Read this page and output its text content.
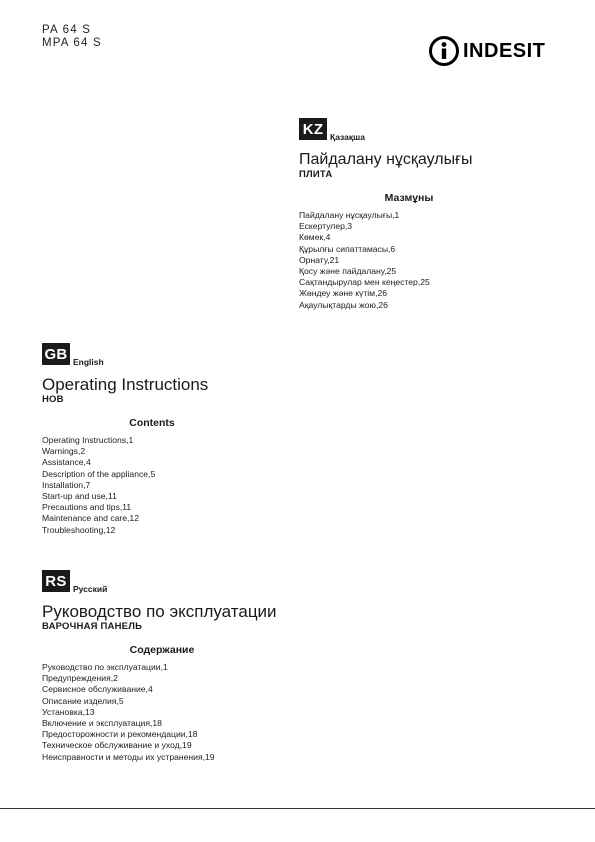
PA 64 S
MPA 64 S	INDESIT
KZ Қазақша
Пайдалану нұсқаулығы
ПЛИТА
Мазмұны
Пайдалану нұсқаулығы,1
Ескертулер,3
Көмек,4
Құрылғы сипаттамасы,6
Орнату,21
Қосу және пайдалану,25
Сақтандырулар мен кеңестер,25
Жөндеу және күтім,26
Ақаулықтарды жою,26
GB English
Operating Instructions
HOB
Contents
Operating Instructions,1
Warnings,2
Assistance,4
Description of the appliance,5
Installation,7
Start-up and use,11
Precautions and tips,11
Maintenance and care,12
Troubleshooting,12
RS Русский
Руководство по эксплуатации
ВАРОЧНАЯ ПАНЕЛЬ
Содержание
Руководство по эксплуатации,1
Предупреждения,2
Сервисное обслуживание,4
Описание изделия,5
Установка,13
Включение и эксплуатация,18
Предосторожности и рекомендации,18
Техническое обслуживание и уход,19
Неисправности и методы их устранения,19
